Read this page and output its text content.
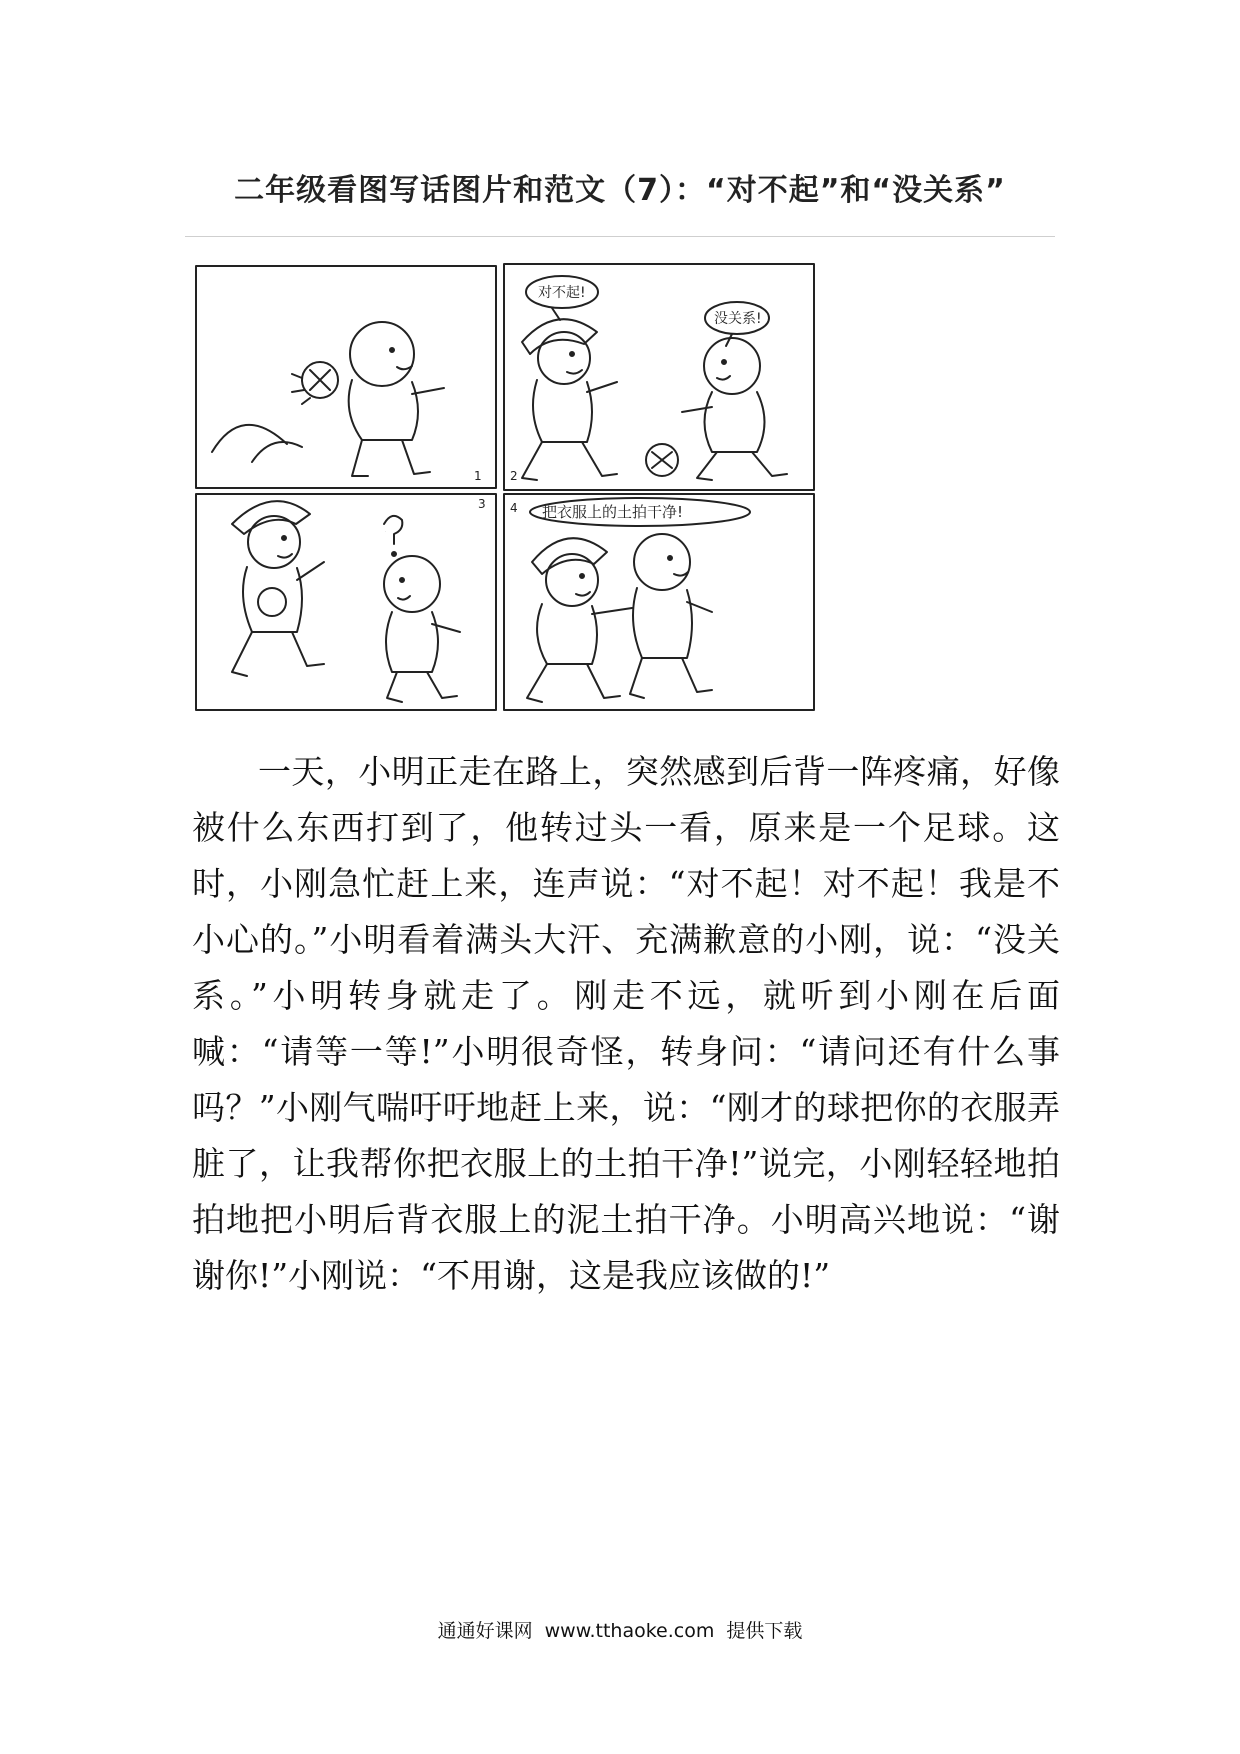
二年级看图写话图片和范文（7）：“对不起”和“没关系”
1 2
3 4
对不起!
没关系!
?
把衣服上的土拍干净!

一天，小明正走在路上，突然感到后背一阵疼痛，好像被什么东西打到了，他转过头一看，原来是一个足球。这时，小刚急忙赶上来，连声说：“对不起！对不起！我是不小心的。”小明看着满头大汗、充满歉意的小刚，说：“没关系。”小明转身就走了。刚走不远，就听到小刚在后面喊：“请等一等!”小明很奇怪，转身问：“请问还有什么事吗？”小刚气喘吁吁地赶上来，说：“刚才的球把你的衣服弄脏了，让我帮你把衣服上的土拍干净!”说完，小刚轻轻地拍拍地把小明后背衣服上的泥土拍干净。小明高兴地说：“谢谢你!”小刚说：“不用谢，这是我应该做的!”

通通好课网 www.tthaoke.com 提供下载
